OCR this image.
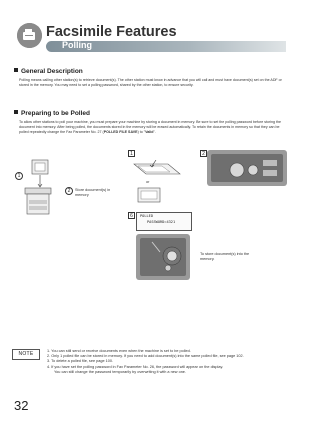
Facsimile Features
Polling
General Description
Polling means calling other station(s) to retrieve document(s). The other station must know in advance that you will call and must have document(s) set on the ADF or stored in the memory. You may need to set a polling password, shared by the other station, to ensure security.
Preparing to be Polled
To allow other stations to poll your machine, you must prepare your machine by storing a document in memory. Be sure to set the polling password before storing the document into memory. After being polled, the documents stored in the memory will be erased automatically. To retain the documents in memory so that they can be polled repeatedly change the Fax Parameter No. 27 (POLLED FILE SAVE) to "Valid".
1
2	Store document(s) in memory
1
or
2
6	POLLED
PASSWORD=4321
To store document(s) into the memory.
NOTE	1. You can still send or receive documents even when the machine is set to be polled.
2. Only 1 polled file can be stored in memory. If you need to add document(s) into the same polled file, see page 102.
3. To delete a polled file, see page 100.
4. If you have set the polling password in Fax Parameter No. 26, the password will appear on the display.
You can still change the password temporarily by overwriting it with a new one.
32
